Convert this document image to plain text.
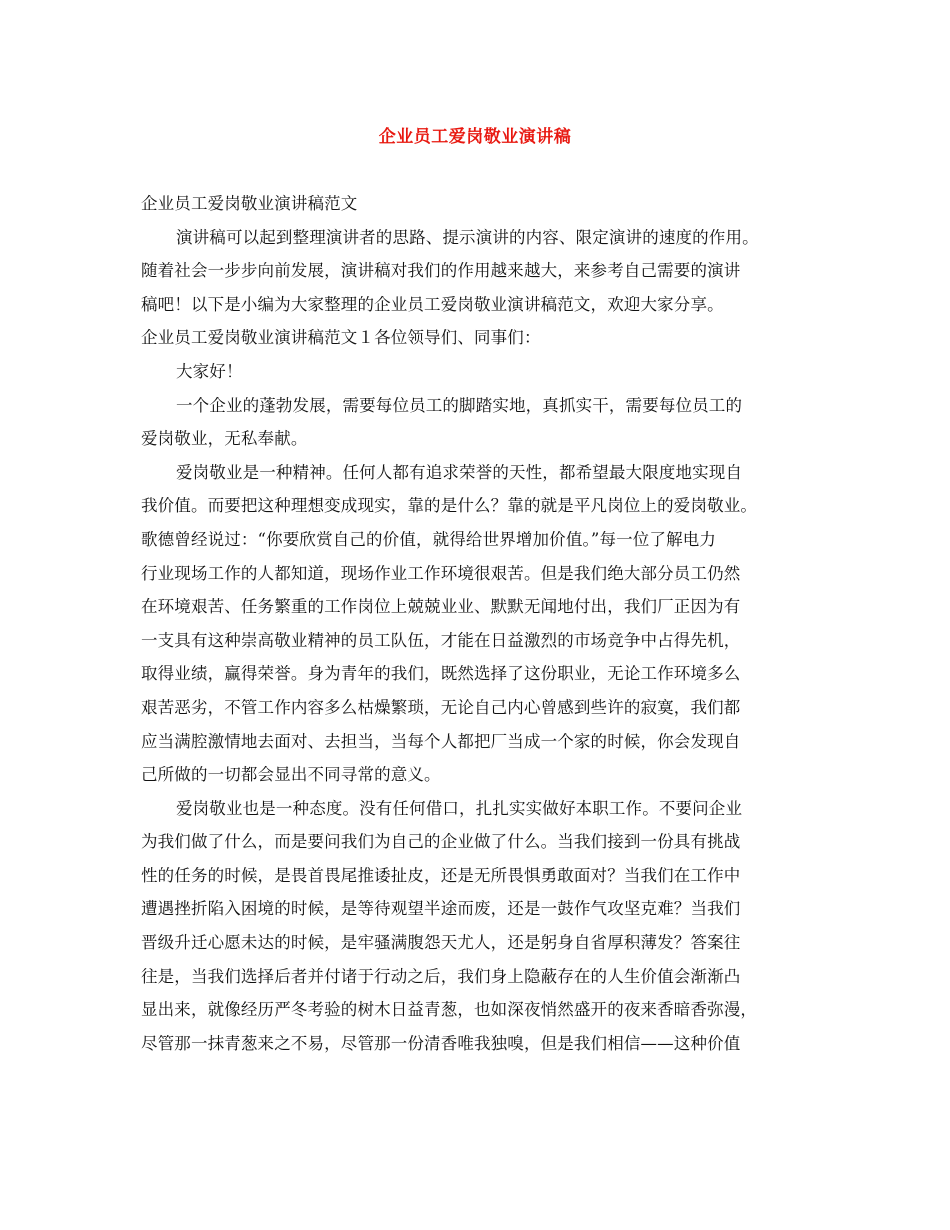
企业员工爱岗敬业演讲稿
企业员工爱岗敬业演讲稿范文
演讲稿可以起到整理演讲者的思路、提示演讲的内容、限定演讲的速度的作用。
随着社会一步步向前发展，演讲稿对我们的作用越来越大，来参考自己需要的演讲
稿吧！以下是小编为大家整理的企业员工爱岗敬业演讲稿范文，欢迎大家分享。
企业员工爱岗敬业演讲稿范文１各位领导们、同事们：
大家好！
一个企业的蓬勃发展，需要每位员工的脚踏实地，真抓实干，需要每位员工的
爱岗敬业，无私奉献。
爱岗敬业是一种精神。任何人都有追求荣誉的天性，都希望最大限度地实现自
我价值。而要把这种理想变成现实，靠的是什么？靠的就是平凡岗位上的爱岗敬业。
歌德曾经说过：“你要欣赏自己的价值，就得给世界增加价值。”每一位了解电力
行业现场工作的人都知道，现场作业工作环境很艰苦。但是我们绝大部分员工仍然
在环境艰苦、任务繁重的工作岗位上兢兢业业、默默无闻地付出，我们厂正因为有
一支具有这种崇高敬业精神的员工队伍，才能在日益激烈的市场竞争中占得先机，
取得业绩，赢得荣誉。身为青年的我们，既然选择了这份职业，无论工作环境多么
艰苦恶劣，不管工作内容多么枯燥繁琐，无论自己内心曾感到些许的寂寞，我们都
应当满腔激情地去面对、去担当，当每个人都把厂当成一个家的时候，你会发现自
己所做的一切都会显出不同寻常的意义。
爱岗敬业也是一种态度。没有任何借口，扎扎实实做好本职工作。不要问企业
为我们做了什么，而是要问我们为自己的企业做了什么。当我们接到一份具有挑战
性的任务的时候，是畏首畏尾推诿扯皮，还是无所畏惧勇敢面对？当我们在工作中
遭遇挫折陷入困境的时候，是等待观望半途而废，还是一鼓作气攻坚克难？当我们
晋级升迁心愿未达的时候，是牢骚满腹怨天尤人，还是躬身自省厚积薄发？答案往
往是，当我们选择后者并付诸于行动之后，我们身上隐蔽存在的人生价值会渐渐凸
显出来，就像经历严冬考验的树木日益青葱，也如深夜悄然盛开的夜来香暗香弥漫，
尽管那一抹青葱来之不易，尽管那一份清香唯我独嗅，但是我们相信——这种价值
